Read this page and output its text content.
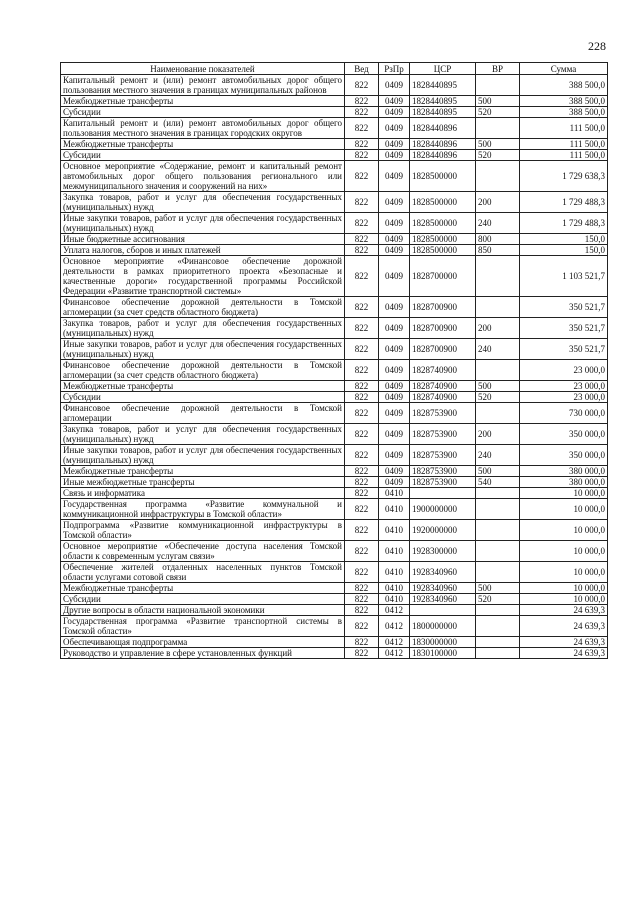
228
Наименование показателей	Вед	РзПр	ЦСР	ВР	Сумма
Капитальный ремонт и (или) ремонт автомобильных дорог общего пользования местного значения в границах муниципальных районов	822	0409	1828440895		388 500,0
Межбюджетные трансферты	822	0409	1828440895	500	388 500,0
Субсидии	822	0409	1828440895	520	388 500,0
Капитальный ремонт и (или) ремонт автомобильных дорог общего пользования местного значения в границах городских округов	822	0409	1828440896		111 500,0
Межбюджетные трансферты	822	0409	1828440896	500	111 500,0
Субсидии	822	0409	1828440896	520	111 500,0
Основное мероприятие «Содержание, ремонт и капитальный ремонт автомобильных дорог общего пользования регионального или межмуниципального значения и сооружений на них»	822	0409	1828500000		1 729 638,3
Закупка товаров, работ и услуг для обеспечения государственных (муниципальных) нужд	822	0409	1828500000	200	1 729 488,3
Иные закупки товаров, работ и услуг для обеспечения государственных (муниципальных) нужд	822	0409	1828500000	240	1 729 488,3
Иные бюджетные ассигнования	822	0409	1828500000	800	150,0
Уплата налогов, сборов и иных платежей	822	0409	1828500000	850	150,0
Основное мероприятие «Финансовое обеспечение дорожной деятельности в рамках приоритетного проекта «Безопасные и качественные дороги» государственной программы Российской Федерации «Развитие транспортной системы»	822	0409	1828700000		1 103 521,7
Финансовое обеспечение дорожной деятельности в Томской агломерации (за счет средств областного бюджета)	822	0409	1828700900		350 521,7
Закупка товаров, работ и услуг для обеспечения государственных (муниципальных) нужд	822	0409	1828700900	200	350 521,7
Иные закупки товаров, работ и услуг для обеспечения государственных (муниципальных) нужд	822	0409	1828700900	240	350 521,7
Финансовое обеспечение дорожной деятельности в Томской агломерации (за счет средств областного бюджета)	822	0409	1828740900		23 000,0
Межбюджетные трансферты	822	0409	1828740900	500	23 000,0
Субсидии	822	0409	1828740900	520	23 000,0
Финансовое обеспечение дорожной деятельности в Томской агломерации	822	0409	1828753900		730 000,0
Закупка товаров, работ и услуг для обеспечения государственных (муниципальных) нужд	822	0409	1828753900	200	350 000,0
Иные закупки товаров, работ и услуг для обеспечения государственных (муниципальных) нужд	822	0409	1828753900	240	350 000,0
Межбюджетные трансферты	822	0409	1828753900	500	380 000,0
Иные межбюджетные трансферты	822	0409	1828753900	540	380 000,0
Связь и информатика	822	0410			10 000,0
Государственная программа «Развитие коммунальной и коммуникационной инфраструктуры в Томской области»	822	0410	1900000000		10 000,0
Подпрограмма «Развитие коммуникационной инфраструктуры в Томской области»	822	0410	1920000000		10 000,0
Основное мероприятие «Обеспечение доступа населения Томской области к современным услугам связи»	822	0410	1928300000		10 000,0
Обеспечение жителей отдаленных населенных пунктов Томской области услугами сотовой связи	822	0410	1928340960		10 000,0
Межбюджетные трансферты	822	0410	1928340960	500	10 000,0
Субсидии	822	0410	1928340960	520	10 000,0
Другие вопросы в области национальной экономики	822	0412			24 639,3
Государственная программа «Развитие транспортной системы в Томской области»	822	0412	1800000000		24 639,3
Обеспечивающая подпрограмма	822	0412	1830000000		24 639,3
Руководство и управление в сфере установленных функций	822	0412	1830100000		24 639,3
